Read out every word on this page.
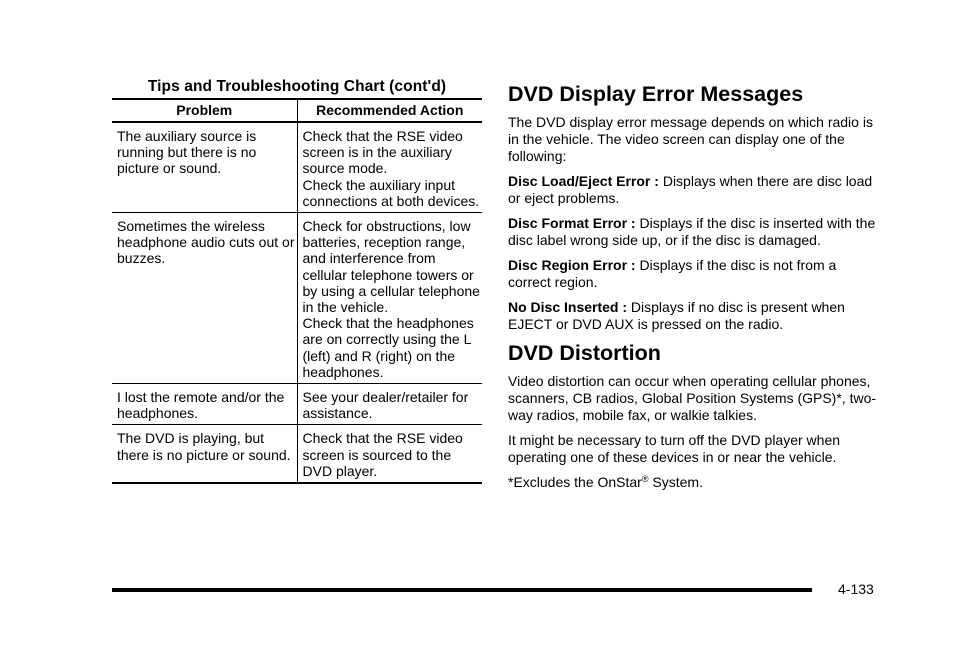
Tips and Troubleshooting Chart (cont'd)
Problem	Recommended Action

The auxiliary source is running but there is no picture or sound.	Check that the RSE video screen is in the auxiliary source mode.
Check the auxiliary input connections at both devices.

Sometimes the wireless headphone audio cuts out or buzzes.	Check for obstructions, low batteries, reception range, and interference from cellular telephone towers or by using a cellular telephone in the vehicle.
Check that the headphones are on correctly using the L (left) and R (right) on the headphones.

I lost the remote and/or the headphones.	See your dealer/retailer for assistance.

The DVD is playing, but there is no picture or sound.	Check that the RSE video screen is sourced to the DVD player.
DVD Display Error Messages

The DVD display error message depends on which radio is in the vehicle. The video screen can display one of the following:

Disc Load/Eject Error : Displays when there are disc load or eject problems.

Disc Format Error : Displays if the disc is inserted with the disc label wrong side up, or if the disc is damaged.

Disc Region Error : Displays if the disc is not from a correct region.

No Disc Inserted : Displays if no disc is present when EJECT or DVD AUX is pressed on the radio.

DVD Distortion

Video distortion can occur when operating cellular phones, scanners, CB radios, Global Position Systems (GPS)*, two-way radios, mobile fax, or walkie talkies.

It might be necessary to turn off the DVD player when operating one of these devices in or near the vehicle.

*Excludes the OnStar® System.

4-133
